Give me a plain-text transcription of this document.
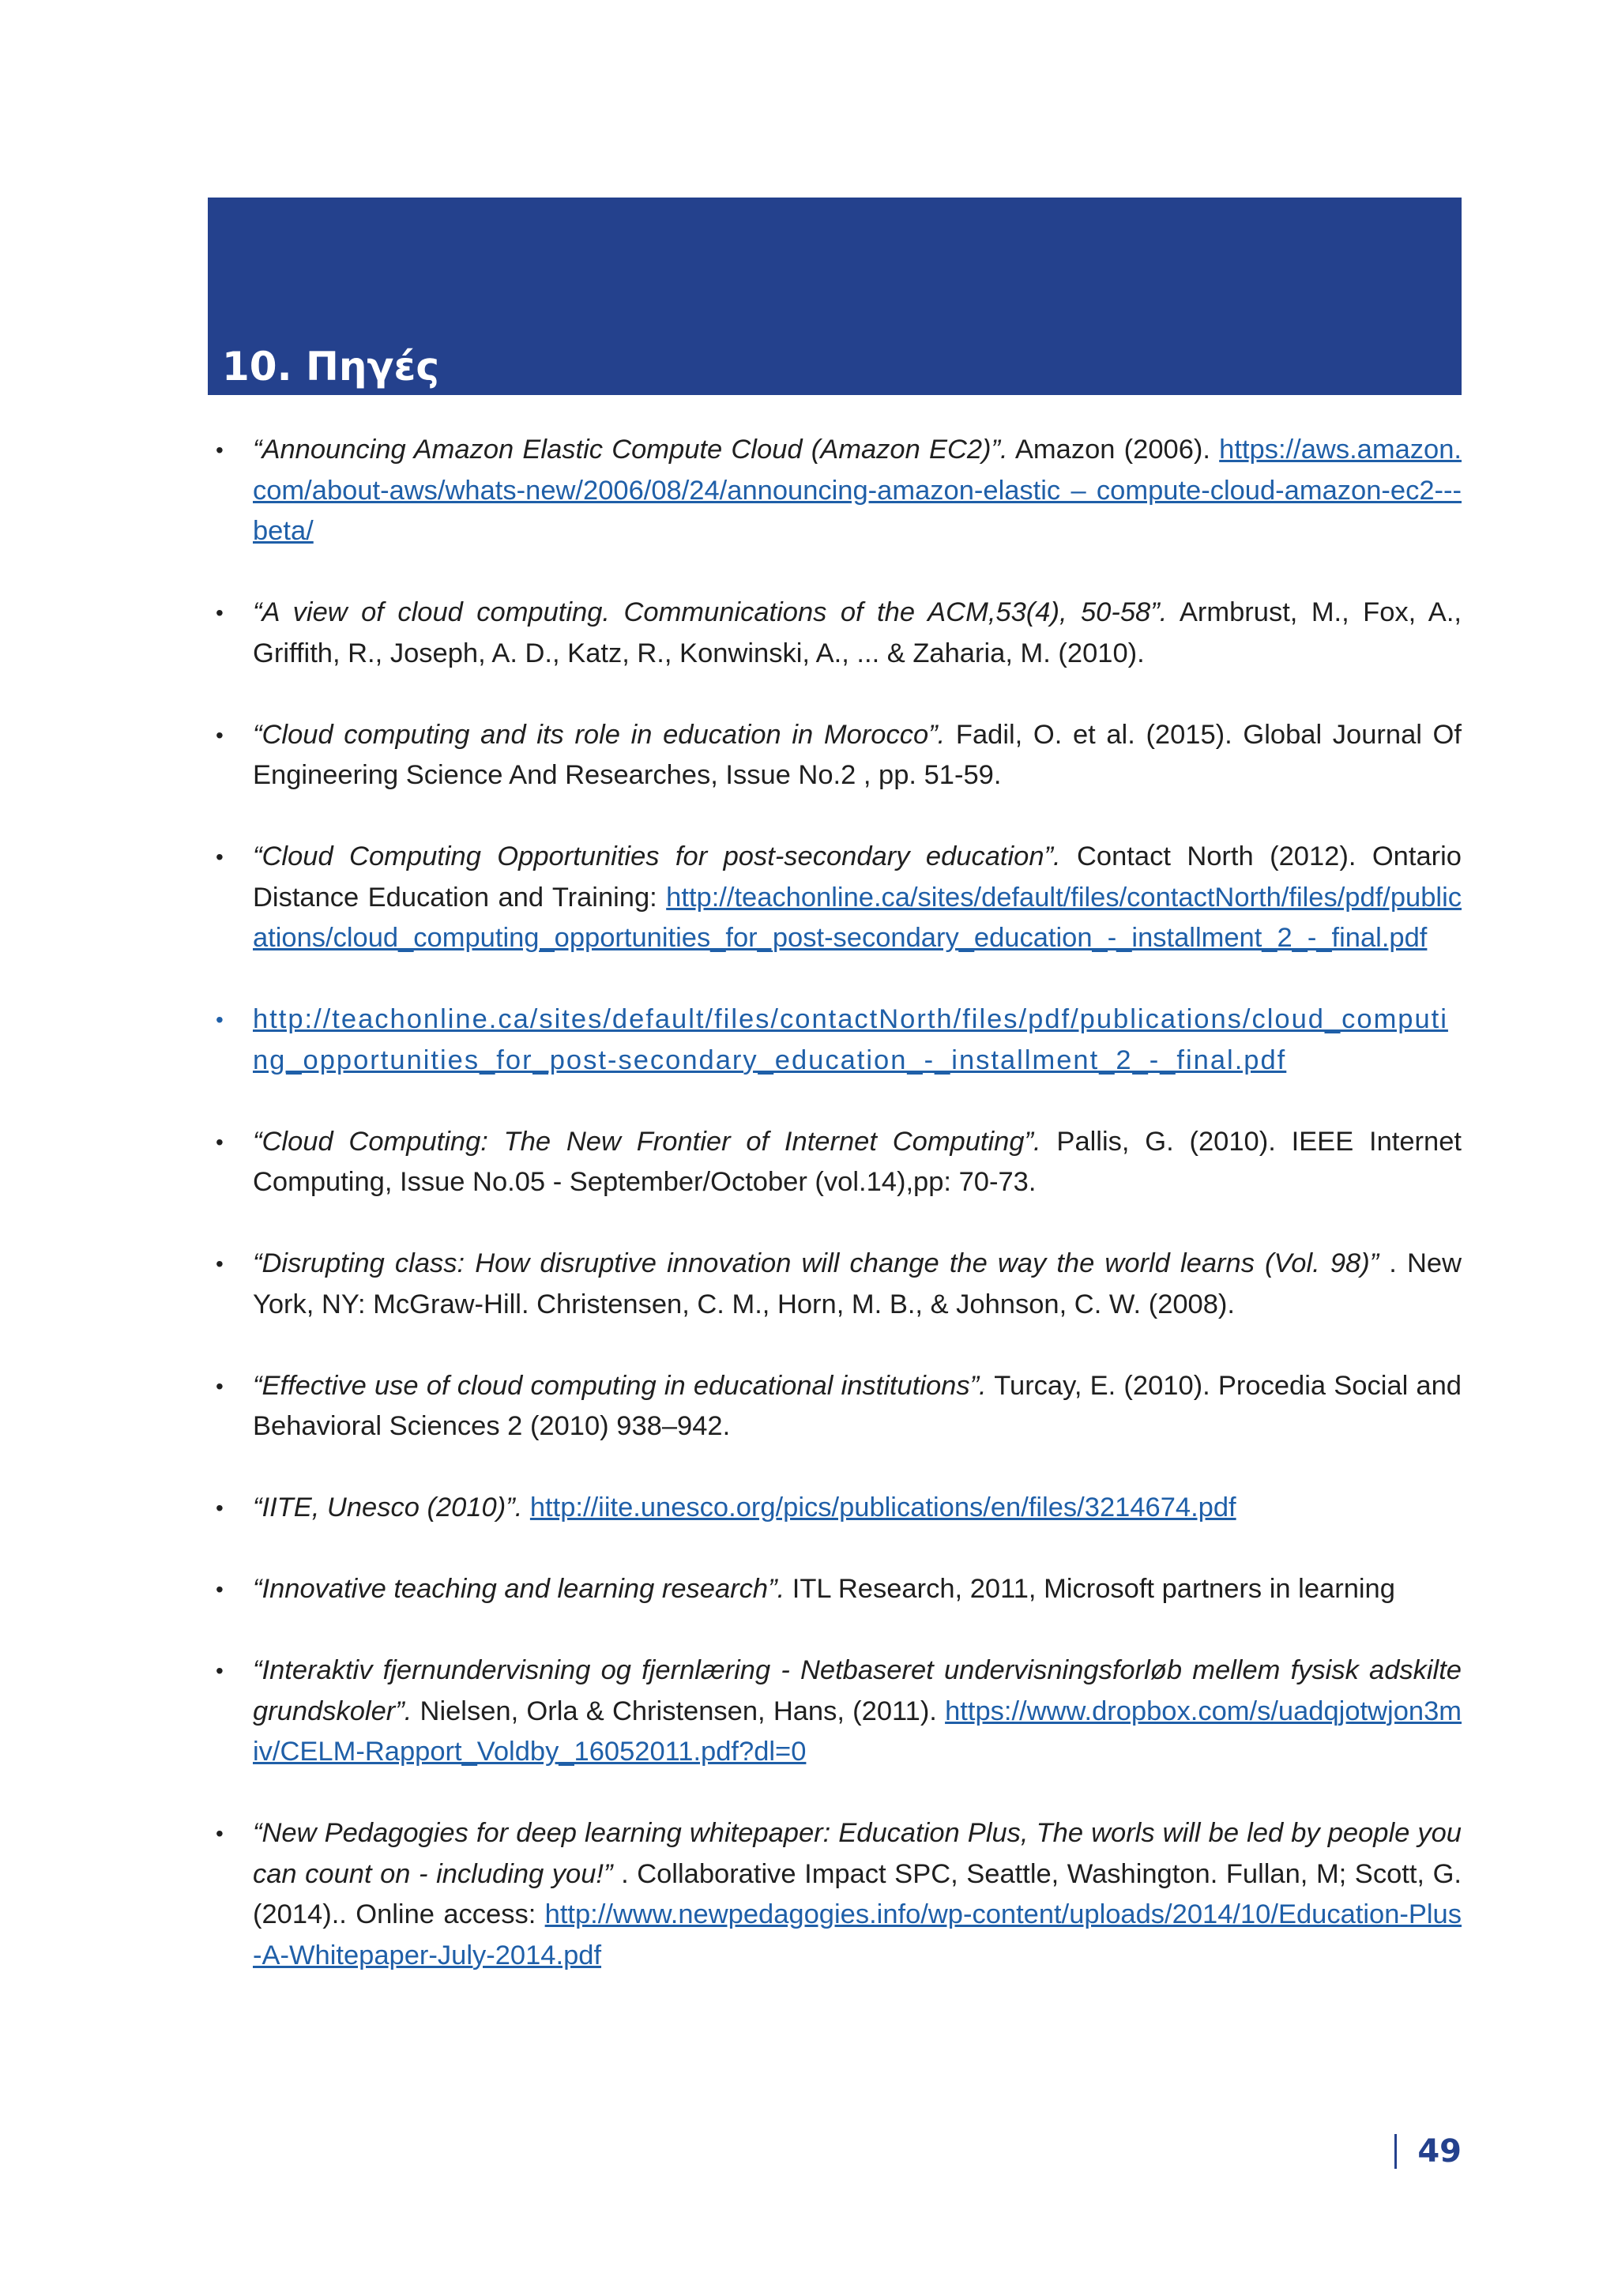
10. Πηγές
• “Announcing Amazon Elastic Compute Cloud (Amazon EC2)”. Amazon (2006). https://aws.amazon.com/about-aws/whats-new/2006/08/24/announcing-amazon-elastic – compute-cloud-amazon-ec2---beta/
• “A view of cloud computing. Communications of the ACM,53(4), 50-58”. Armbrust, M., Fox, A., Griffith, R., Joseph, A. D., Katz, R., Konwinski, A., ... & Zaharia, M. (2010).
• “Cloud computing and its role in education in Morocco”. Fadil, O. et al. (2015). Global Journal Of Engineering Science And Researches, Issue No.2 , pp. 51-59.
• “Cloud Computing Opportunities for post-secondary education”. Contact North (2012). Ontario Distance Education and Training: http://teachonline.ca/sites/default/files/contactNorth/files/pdf/publications/cloud_computing_opportunities_for_post-secondary_education_-_installment_2_-_final.pdf
• http://teachonline.ca/sites/default/files/contactNorth/files/pdf/publications/cloud_computing_opportunities_for_post-secondary_education_-_installment_2_-_final.pdf
• “Cloud Computing: The New Frontier of Internet Computing”. Pallis, G. (2010). IEEE Internet Computing, Issue No.05 - September/October (vol.14),pp: 70-73.
• “Disrupting class: How disruptive innovation will change the way the world learns (Vol. 98)” . New York, NY: McGraw-Hill. Christensen, C. M., Horn, M. B., & Johnson, C. W. (2008).
• “Effective use of cloud computing in educational institutions”. Turcay, E. (2010). Procedia Social and Behavioral Sciences 2 (2010) 938–942.
• “IITE, Unesco (2010)”. http://iite.unesco.org/pics/publications/en/files/3214674.pdf
• “Innovative teaching and learning research”. ITL Research, 2011, Microsoft partners in learning
• “Interaktiv fjernundervisning og fjernlæring - Netbaseret undervisningsforløb mellem fysisk adskilte grundskoler”. Nielsen, Orla & Christensen, Hans, (2011). https://www.dropbox.com/s/uadqjotwjon3miv/CELM-Rapport_Voldby_16052011.pdf?dl=0
• “New Pedagogies for deep learning whitepaper: Education Plus, The worls will be led by people you can count on - including you!” . Collaborative Impact SPC, Seattle, Washington. Fullan, M; Scott, G. (2014).. Online access: http://www.newpedagogies.info/wp-content/uploads/2014/10/Education-Plus-A-Whitepaper-July-2014.pdf
49
